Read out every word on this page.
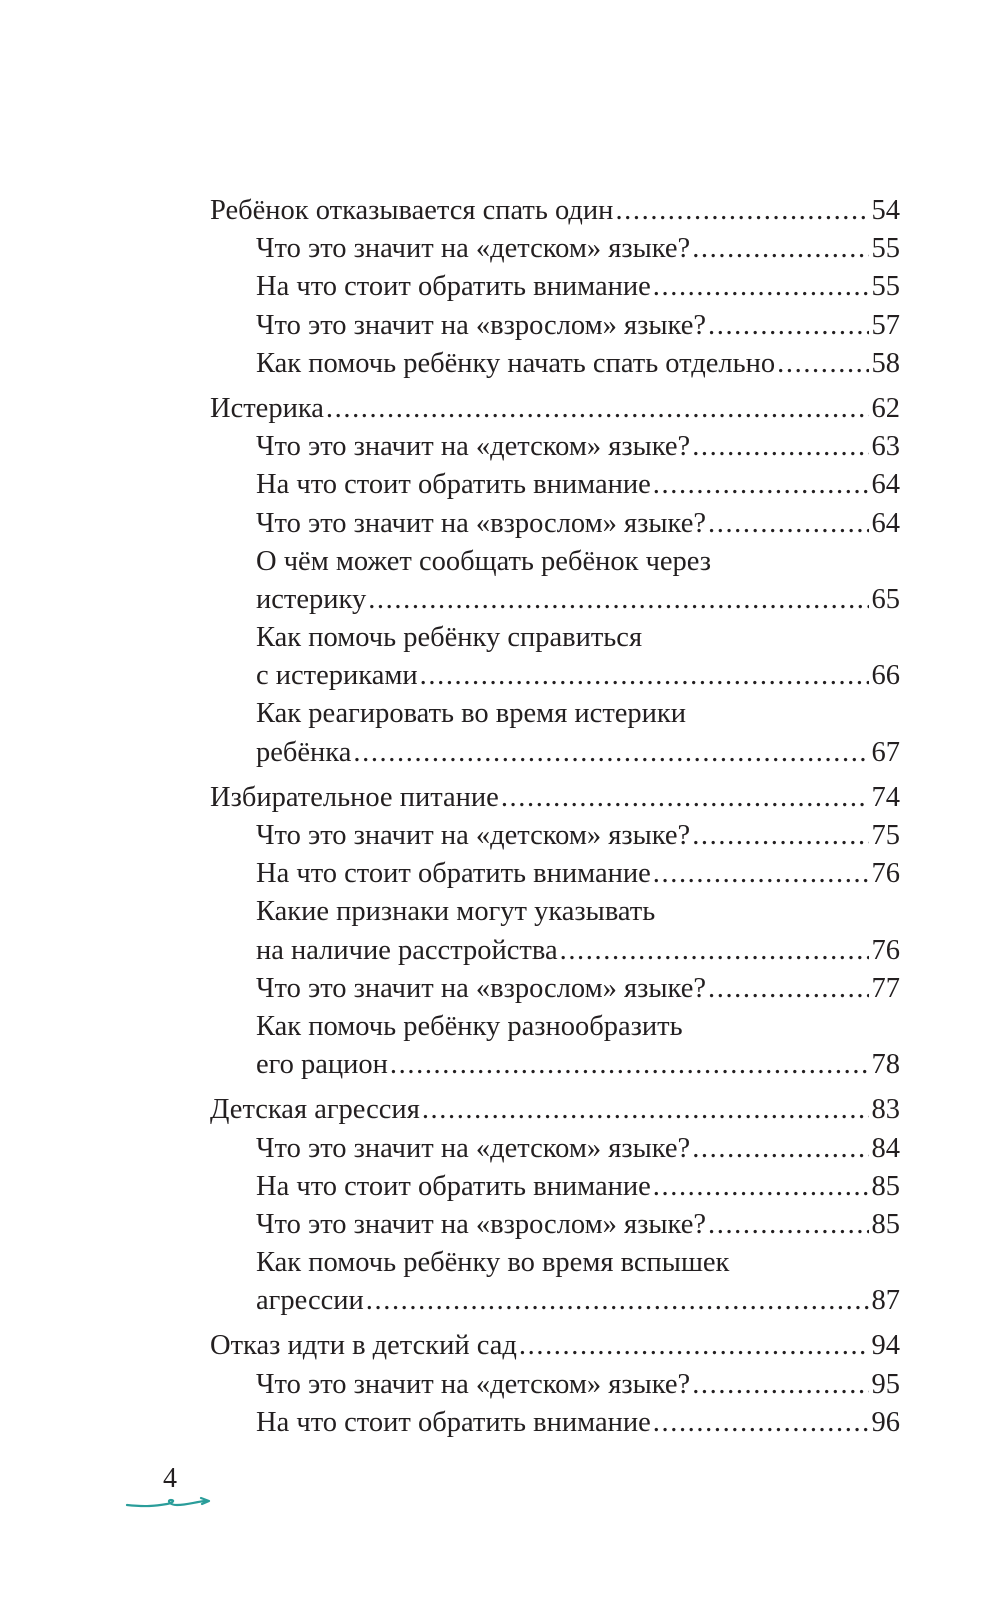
Ребёнок отказывается спать один .....	54
Что это значит на «детском» языке? .....	55
На что стоит обратить внимание .....	55
Что это значит на «взрослом» языке? .....	57
Как помочь ребёнку начать спать отдельно .....	58
Истерика .....	62
Что это значит на «детском» языке? .....	63
На что стоит обратить внимание .....	64
Что это значит на «взрослом» языке? .....	64
О чём может сообщать ребёнок через
истерику .....	65
Как помочь ребёнку справиться
с истериками .....	66
Как реагировать во время истерики
ребёнка .....	67
Избирательное питание .....	74
Что это значит на «детском» языке? .....	75
На что стоит обратить внимание .....	76
Какие признаки могут указывать
на наличие расстройства .....	76
Что это значит на «взрослом» языке? .....	77
Как помочь ребёнку разнообразить
его рацион .....	78
Детская агрессия .....	83
Что это значит на «детском» языке? .....	84
На что стоит обратить внимание .....	85
Что это значит на «взрослом» языке? .....	85
Как помочь ребёнку во время вспышек
агрессии .....	87
Отказ идти в детский сад .....	94
Что это значит на «детском» языке? .....	95
На что стоит обратить внимание .....	96
4
